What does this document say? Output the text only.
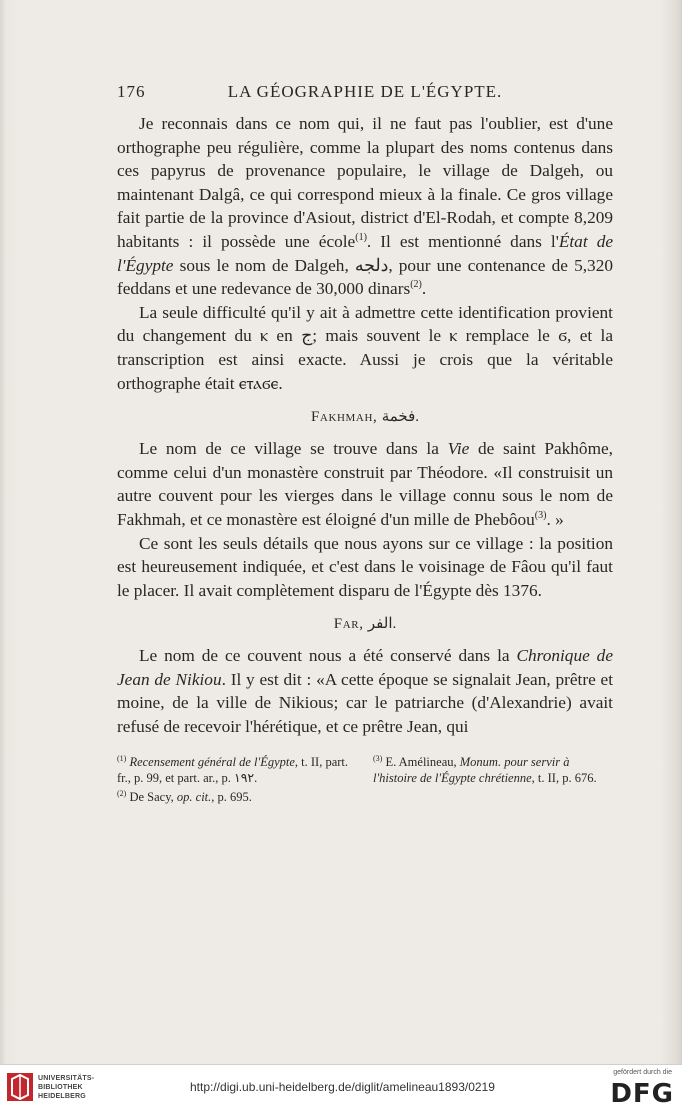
176	LA GÉOGRAPHIE DE L'ÉGYPTE.

Je reconnais dans ce nom qui, il ne faut pas l'oublier, est d'une orthographe peu régulière, comme la plupart des noms contenus dans ces papyrus de provenance populaire, le village de Dalgeh, ou maintenant Dalgâ, ce qui correspond mieux à la finale. Ce gros village fait partie de la province d'Asiout, district d'El-Rodah, et compte 8,209 habitants : il possède une école$^{(1)}$. Il est mentionné dans l'État de l'Égypte sous le nom de Dalgeh, دلجه, pour une contenance de 5,320 feddans et une redevance de 30,000 dinars$^{(2)}$.

La seule difficulté qu'il y ait à admettre cette identification provient du changement du ⲕ en ج; mais souvent le ⲕ remplace le ϭ, et la transcription est ainsi exacte. Aussi je crois que la véritable orthographe était ⲉⲧⲁϭⲉ.

Fakhmah, فخمة.

Le nom de ce village se trouve dans la Vie de saint Pakhôme, comme celui d'un monastère construit par Théodore. «Il construisit un autre couvent pour les vierges dans le village connu sous le nom de Fakhmah, et ce monastère est éloigné d'un mille de Phebôou$^{(3)}$. »

Ce sont les seuls détails que nous ayons sur ce village : la position est heureusement indiquée, et c'est dans le voisinage de Fâou qu'il faut le placer. Il avait complètement disparu de l'Égypte dès 1376.

Far, الفر.

Le nom de ce couvent nous a été conservé dans la Chronique de Jean de Nikiou. Il y est dit : «A cette époque se signalait Jean, prêtre et moine, de la ville de Nikious; car le patriarche (d'Alexandrie) avait refusé de recevoir l'hérétique, et ce prêtre Jean, qui

$^{(1)}$ Recensement général de l'Égypte, t. II, part. fr., p. 99, et part. ar., p. ١٩٢.
$^{(2)}$ De Sacy, op. cit., p. 695.
$^{(3)}$ E. Amélineau, Monum. pour servir à l'histoire de l'Égypte chrétienne, t. II, p. 676.
UNIVERSITÄTS-
BIBLIOTHEK
HEIDELBERG
http://digi.ub.uni-heidelberg.de/diglit/amelineau1893/0219
gefördert durch die
DFG
